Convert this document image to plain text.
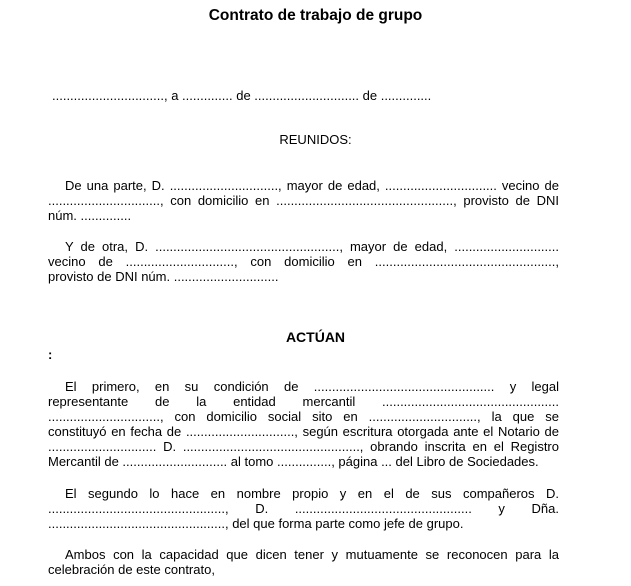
Contrato de trabajo de grupo
..............................., a .............. de ............................. de ..............
REUNIDOS:
De una parte, D. .............................., mayor de edad, ............................... vecino de
..............................., con domicilio en ................................................., provisto de DNI
núm. ..............
Y de otra, D. ..................................................., mayor de edad, .............................
vecino de .............................., con domicilio en ..................................................,
provisto de DNI núm. .............................
ACTÚAN
:
El primero, en su condición de .................................................. y legal
representante de la entidad mercantil .................................................
..............................., con domicilio social sito en .............................., la que se
constituyó en fecha de .............................., según escritura otorgada ante el Notario de
.............................. D. ................................................., obrando inscrita en el Registro
Mercantil de ............................. al tomo ..............., página ... del Libro de Sociedades.
El segundo lo hace en nombre propio y en el de sus compañeros D.
................................................., D. ................................................. y Dña.
................................................., del que forma parte como jefe de grupo.
Ambos con la capacidad que dicen tener y mutuamente se reconocen para la
celebración de este contrato,
